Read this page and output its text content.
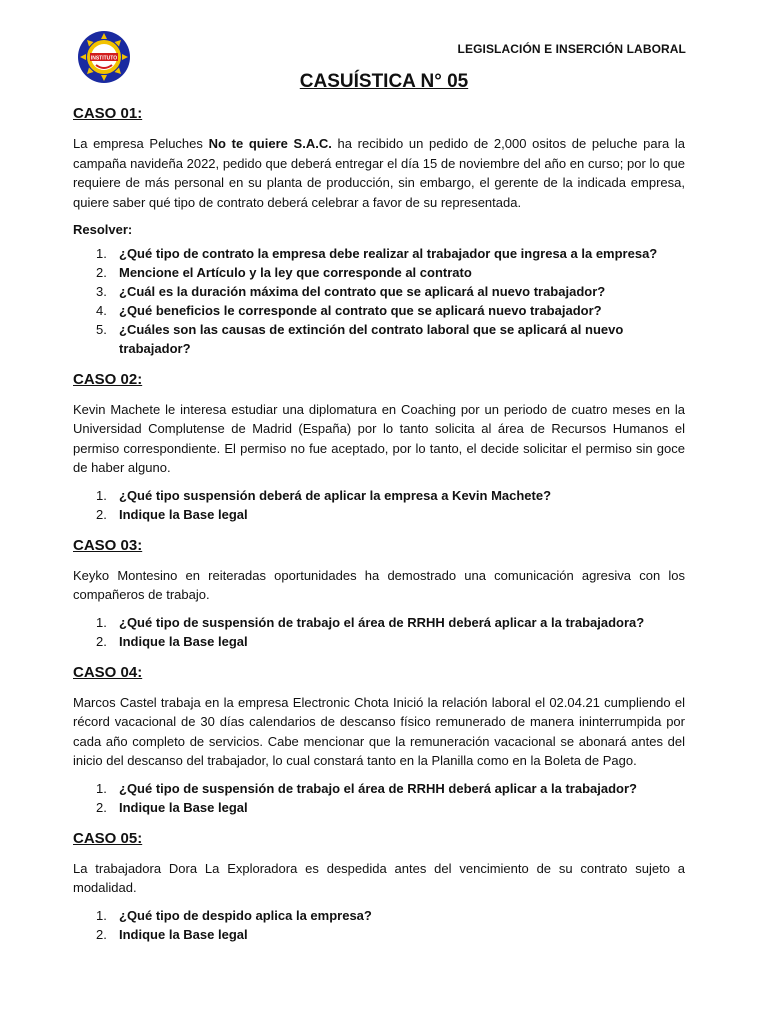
INSTITUTO
LEGISLACIÓN E INSERCIÓN LABORAL
CASUÍSTICA N° 05
CASO 01:

La empresa Peluches No te quiere S.A.C. ha recibido un pedido de 2,000 ositos de peluche para la campaña navideña 2022, pedido que deberá entregar el día 15 de noviembre del año en curso; por lo que requiere de más personal en su planta de producción, sin embargo, el gerente de la indicada empresa, quiere saber qué tipo de contrato deberá celebrar a favor de su representada.

Resolver:

1. ¿Qué tipo de contrato la empresa debe realizar al trabajador que ingresa a la empresa?
2. Mencione el Artículo y la ley que corresponde al contrato
3. ¿Cuál es la duración máxima del contrato que se aplicará al nuevo trabajador?
4. ¿Qué beneficios le corresponde al contrato que se aplicará nuevo trabajador?
5. ¿Cuáles son las causas de extinción del contrato laboral que se aplicará al nuevo trabajador?
CASO 02:

Kevin Machete le interesa estudiar una diplomatura en Coaching por un periodo de cuatro meses en la Universidad Complutense de Madrid (España) por lo tanto solicita al área de Recursos Humanos el permiso correspondiente. El permiso no fue aceptado, por lo tanto, el decide solicitar el permiso sin goce de haber alguno.

1. ¿Qué tipo suspensión deberá de aplicar la empresa a Kevin Machete?
2. Indique la Base legal
CASO 03:

Keyko Montesino en reiteradas oportunidades ha demostrado una comunicación agresiva con los compañeros de trabajo.

1. ¿Qué tipo de suspensión de trabajo el área de RRHH deberá aplicar a la trabajadora?
2. Indique la Base legal
CASO 04:

Marcos Castel trabaja en la empresa Electronic Chota Inició la relación laboral el 02.04.21 cumpliendo el récord vacacional de 30 días calendarios de descanso físico remunerado de manera ininterrumpida por cada año completo de servicios. Cabe mencionar que la remuneración vacacional se abonará antes del inicio del descanso del trabajador, lo cual constará tanto en la Planilla como en la Boleta de Pago.

1. ¿Qué tipo de suspensión de trabajo el área de RRHH deberá aplicar a la trabajador?
2. Indique la Base legal
CASO 05:

La trabajadora Dora La Exploradora es despedida antes del vencimiento de su contrato sujeto a modalidad.

1. ¿Qué tipo de despido aplica la empresa?
2. Indique la Base legal
